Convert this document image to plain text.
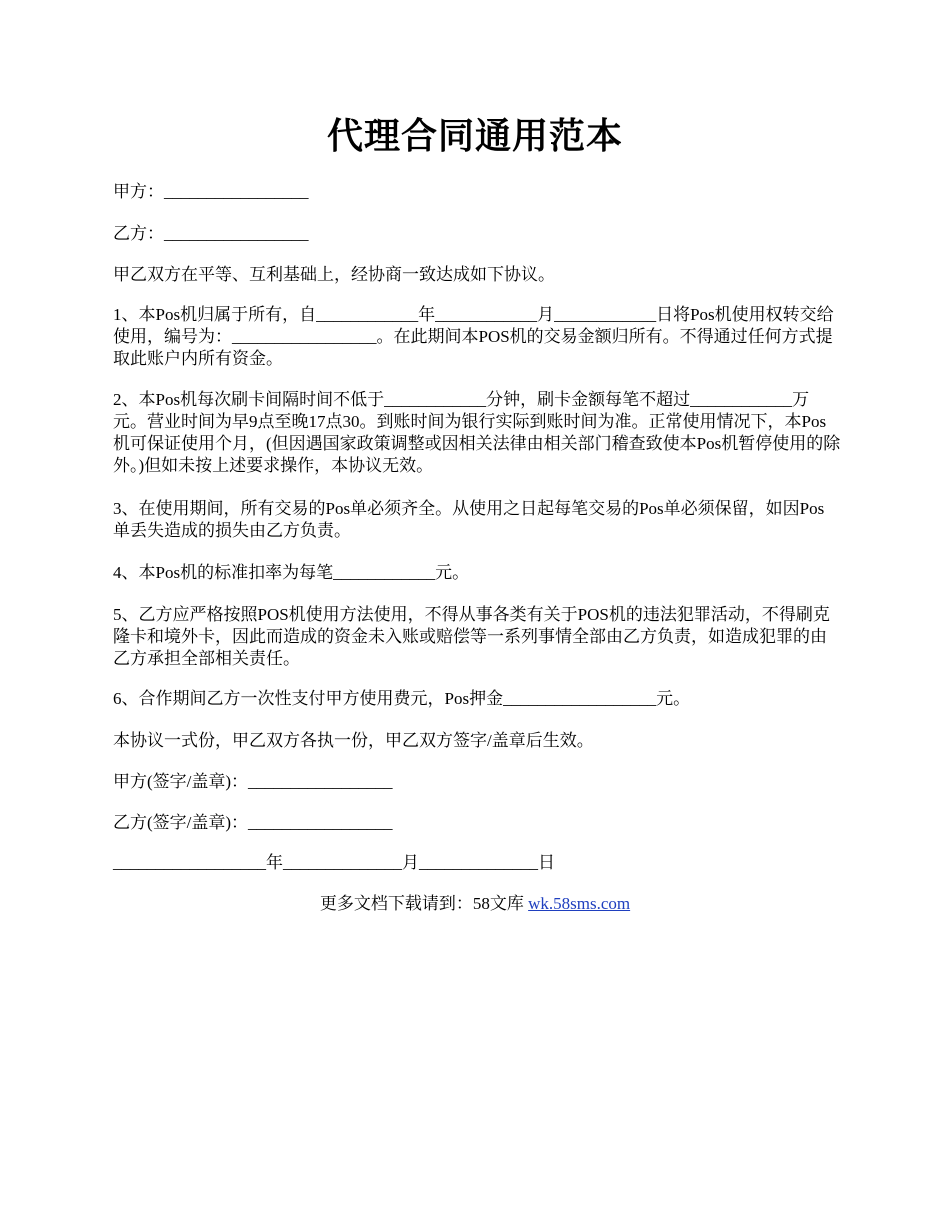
代理合同通用范本

甲方：_________________

乙方：_________________

甲乙双方在平等、互利基础上，经协商一致达成如下协议。

1、本Pos机归属于所有，自____________年____________月____________日将Pos机使用权转交给使用，编号为：_________________。在此期间本POS机的交易金额归所有。不得通过任何方式提取此账户内所有资金。

2、本Pos机每次刷卡间隔时间不低于____________分钟，刷卡金额每笔不超过____________万元。营业时间为早9点至晚17点30。到账时间为银行实际到账时间为准。正常使用情况下，本Pos机可保证使用个月，(但因遇国家政策调整或因相关法律由相关部门稽查致使本Pos机暂停使用的除外。)但如未按上述要求操作，本协议无效。

3、在使用期间，所有交易的Pos单必须齐全。从使用之日起每笔交易的Pos单必须保留，如因Pos单丢失造成的损失由乙方负责。

4、本Pos机的标准扣率为每笔____________元。

5、乙方应严格按照POS机使用方法使用，不得从事各类有关于POS机的违法犯罪活动，不得刷克隆卡和境外卡，因此而造成的资金未入账或赔偿等一系列事情全部由乙方负责，如造成犯罪的由乙方承担全部相关责任。

6、合作期间乙方一次性支付甲方使用费元，Pos押金__________________元。

本协议一式份，甲乙双方各执一份，甲乙双方签字/盖章后生效。

甲方(签字/盖章)：_________________

乙方(签字/盖章)：_________________

__________________年______________月______________日

更多文档下载请到：58文库 wk.58sms.com
